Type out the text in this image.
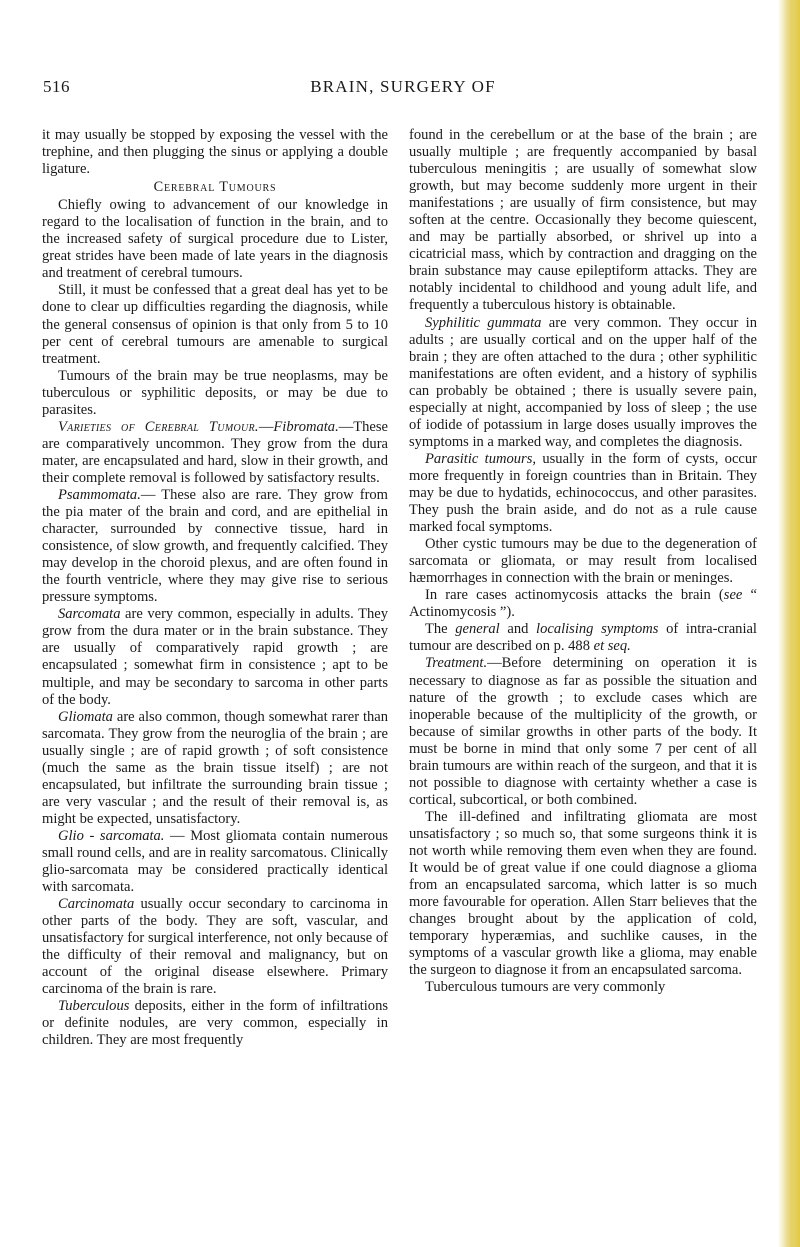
516	BRAIN, SURGERY OF

it may usually be stopped by exposing the vessel with the trephine, and then plugging the sinus or applying a double ligature.

Cerebral Tumours

Chiefly owing to advancement of our knowledge in regard to the localisation of function in the brain, and to the increased safety of surgical procedure due to Lister, great strides have been made of late years in the diagnosis and treatment of cerebral tumours.

Still, it must be confessed that a great deal has yet to be done to clear up difficulties regarding the diagnosis, while the general consensus of opinion is that only from 5 to 10 per cent of cerebral tumours are amenable to surgical treatment.

Tumours of the brain may be true neoplasms, may be tuberculous or syphilitic deposits, or may be due to parasites.

Varieties of Cerebral Tumour.—Fibromata.—These are comparatively uncommon. They grow from the dura mater, are encapsulated and hard, slow in their growth, and their complete removal is followed by satisfactory results.

Psammomata.— These also are rare. They grow from the pia mater of the brain and cord, and are epithelial in character, surrounded by connective tissue, hard in consistence, of slow growth, and frequently calcified. They may develop in the choroid plexus, and are often found in the fourth ventricle, where they may give rise to serious pressure symptoms.

Sarcomata are very common, especially in adults. They grow from the dura mater or in the brain substance. They are usually of comparatively rapid growth ; are encapsulated ; somewhat firm in consistence ; apt to be multiple, and may be secondary to sarcoma in other parts of the body.

Gliomata are also common, though somewhat rarer than sarcomata. They grow from the neuroglia of the brain ; are usually single ; are of rapid growth ; of soft consistence (much the same as the brain tissue itself) ; are not encapsulated, but infiltrate the surrounding brain tissue ; are very vascular ; and the result of their removal is, as might be expected, unsatisfactory.

Glio - sarcomata. — Most gliomata contain numerous small round cells, and are in reality sarcomatous. Clinically glio-sarcomata may be considered practically identical with sarcomata.

Carcinomata usually occur secondary to carcinoma in other parts of the body. They are soft, vascular, and unsatisfactory for surgical interference, not only because of the difficulty of their removal and malignancy, but on account of the original disease elsewhere. Primary carcinoma of the brain is rare.

Tuberculous deposits, either in the form of infiltrations or definite nodules, are very common, especially in children. They are most frequently

found in the cerebellum or at the base of the brain ; are usually multiple ; are frequently accompanied by basal tuberculous meningitis ; are usually of somewhat slow growth, but may become suddenly more urgent in their manifestations ; are usually of firm consistence, but may soften at the centre. Occasionally they become quiescent, and may be partially absorbed, or shrivel up into a cicatricial mass, which by contraction and dragging on the brain substance may cause epileptiform attacks. They are notably incidental to childhood and young adult life, and frequently a tuberculous history is obtainable.

Syphilitic gummata are very common. They occur in adults ; are usually cortical and on the upper half of the brain ; they are often attached to the dura ; other syphilitic manifestations are often evident, and a history of syphilis can probably be obtained ; there is usually severe pain, especially at night, accompanied by loss of sleep ; the use of iodide of potassium in large doses usually improves the symptoms in a marked way, and completes the diagnosis.

Parasitic tumours, usually in the form of cysts, occur more frequently in foreign countries than in Britain. They may be due to hydatids, echinococcus, and other parasites. They push the brain aside, and do not as a rule cause marked focal symptoms.

Other cystic tumours may be due to the degeneration of sarcomata or gliomata, or may result from localised hæmorrhages in connection with the brain or meninges.

In rare cases actinomycosis attacks the brain (see “ Actinomycosis ”).

The general and localising symptoms of intra-cranial tumour are described on p. 488 et seq.

Treatment.—Before determining on operation it is necessary to diagnose as far as possible the situation and nature of the growth ; to exclude cases which are inoperable because of the multiplicity of the growth, or because of similar growths in other parts of the body. It must be borne in mind that only some 7 per cent of all brain tumours are within reach of the surgeon, and that it is not possible to diagnose with certainty whether a case is cortical, subcortical, or both combined.

The ill-defined and infiltrating gliomata are most unsatisfactory ; so much so, that some surgeons think it is not worth while removing them even when they are found. It would be of great value if one could diagnose a glioma from an encapsulated sarcoma, which latter is so much more favourable for operation. Allen Starr believes that the changes brought about by the application of cold, temporary hyperæmias, and suchlike causes, in the symptoms of a vascular growth like a glioma, may enable the surgeon to diagnose it from an encapsulated sarcoma.

Tuberculous tumours are very commonly
